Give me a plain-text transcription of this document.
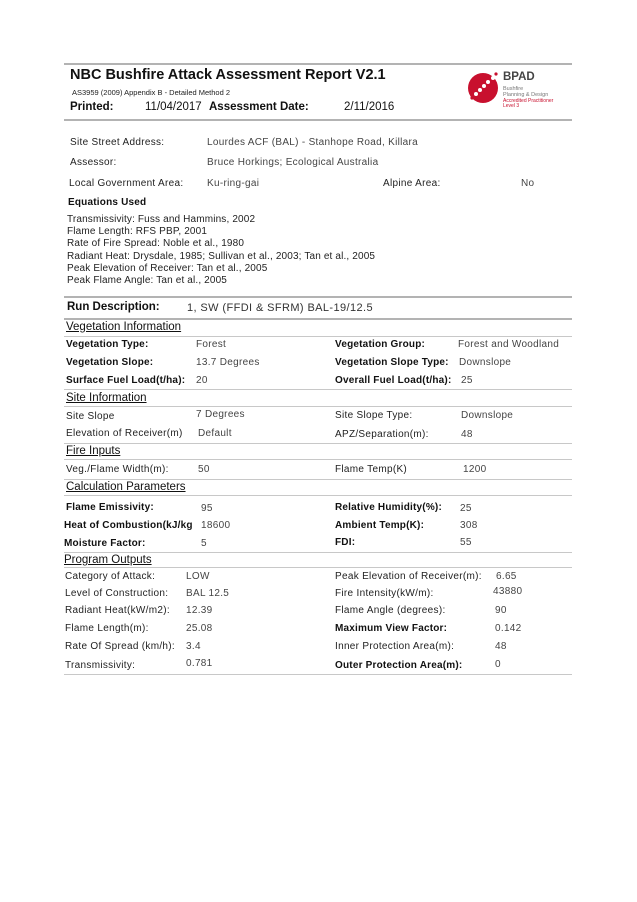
NBC Bushfire Attack Assessment Report V2.1
AS3959 (2009) Appendix B - Detailed Method 2
Printed:	11/04/2017 Assessment Date:	2/11/2016
BPAD
Bushfire
Planning & Design
Accredited Practitioner
Level 3
Site Street Address:	Lourdes ACF (BAL) - Stanhope Road, Killara
Assessor:	Bruce Horkings; Ecological Australia
Local Government Area: Ku-ring-gai	Alpine Area:	No
Equations Used
Transmissivity: Fuss and Hammins, 2002
Flame Length: RFS PBP, 2001
Rate of Fire Spread: Noble et al., 1980
Radiant Heat: Drysdale, 1985; Sullivan et al., 2003; Tan et al., 2005
Peak Elevation of Receiver: Tan et al., 2005
Peak Flame Angle: Tan et al., 2005
Run Description: 1, SW (FFDI & SFRM) BAL-19/12.5
Vegetation Information
Vegetation Type:	Forest	Vegetation Group:	Forest and Woodland
Vegetation Slope:	13.7 Degrees	Vegetation Slope Type: Downslope
Surface Fuel Load(t/ha): 20	Overall Fuel Load(t/ha): 25
Site Information
Site Slope	7 Degrees	Site Slope Type:	Downslope
Elevation of Receiver(m) Default	APZ/Separation(m):	48
Fire Inputs
Veg./Flame Width(m):	50	Flame Temp(K)	1200
Calculation Parameters
Flame Emissivity:	95	Relative Humidity(%): 25
Heat of Combustion(kJ/kg 18600	Ambient Temp(K):	308
Moisture Factor:	5	FDI:	55
Program Outputs
Category of Attack:	LOW	Peak Elevation of Receiver(m): 6.65
Level of Construction: BAL 12.5	Fire Intensity(kW/m):	43880
Radiant Heat(kW/m2): 12.39	Flame Angle (degrees):	90
Flame Length(m):	25.08	Maximum View Factor:	0.142
Rate Of Spread (km/h): 3.4	Inner Protection Area(m):	48
Transmissivity:	0.781	Outer Protection Area(m):	0
